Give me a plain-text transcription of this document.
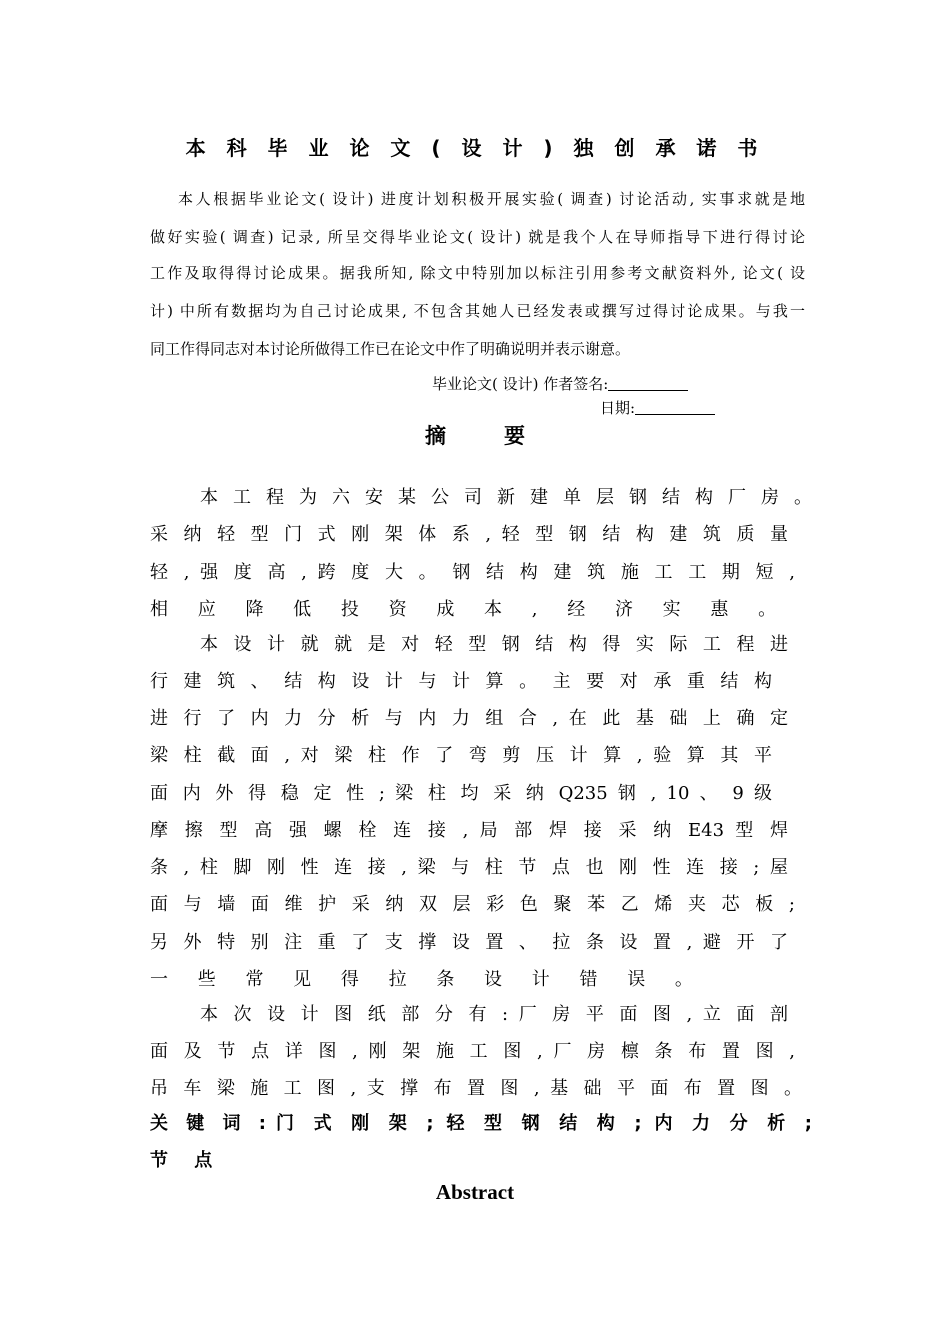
本 科 毕 业 论 文 ( 设 计 ) 独 创 承 诺 书
本人根据毕业论文( 设计) 进度计划积极开展实验( 调查) 讨论活动, 实事求就是地
做好实验( 调查) 记录, 所呈交得毕业论文( 设计) 就是我个人在导师指导下进行得讨论
工作及取得得讨论成果。据我所知, 除文中特别加以标注引用参考文献资料外, 论文( 设
计) 中所有数据均为自己讨论成果, 不包含其她人已经发表或撰写过得讨论成果。与我一
同工作得同志对本讨论所做得工作已在论文中作了明确说明并表示谢意。
毕业论文( 设计) 作者签名:
日期:
摘要
本 工 程 为 六 安 某 公 司 新 建 单 层 钢 结 构 厂 房 。
采 纳 轻 型 门 式 刚 架 体 系 , 轻 型 钢 结 构 建 筑 质 量
轻 , 强 度 高 , 跨 度 大 。 钢 结 构 建 筑 施 工 工 期 短 ,
相 应 降 低 投 资 成 本 , 经 济 实 惠 。
本 设 计 就 就 是 对 轻 型 钢 结 构 得 实 际 工 程 进
行 建 筑 、 结 构 设 计 与 计 算 。 主 要 对 承 重 结 构
进 行 了 内 力 分 析 与 内 力 组 合 , 在 此 基 础 上 确 定
梁 柱 截 面 , 对 梁 柱 作 了 弯 剪 压 计 算 , 验 算 其 平
面 内 外 得 稳 定 性 ; 梁 柱 均 采 纳 Q235 钢 , 10 、 9 级
摩 擦 型 高 强 螺 栓 连 接 , 局 部 焊 接 采 纳 E43 型 焊
条 , 柱 脚 刚 性 连 接 , 梁 与 柱 节 点 也 刚 性 连 接 ; 屋
面 与 墙 面 维 护 采 纳 双 层 彩 色 聚 苯 乙 烯 夹 芯 板 ;
另 外 特 别 注 重 了 支 撑 设 置 、 拉 条 设 置 , 避 开 了
一 些 常 见 得 拉 条 设 计 错 误 。
本 次 设 计 图 纸 部 分 有 : 厂 房 平 面 图 , 立 面 剖
面 及 节 点 详 图 , 刚 架 施 工 图 , 厂 房 檩 条 布 置 图 ,
吊 车 梁 施 工 图 , 支 撑 布 置 图 , 基 础 平 面 布 置 图 。
关 键 词 : 门 式 刚 架 ; 轻 型 钢 结 构 ; 内 力 分 析 ;
节 点
Abstract
